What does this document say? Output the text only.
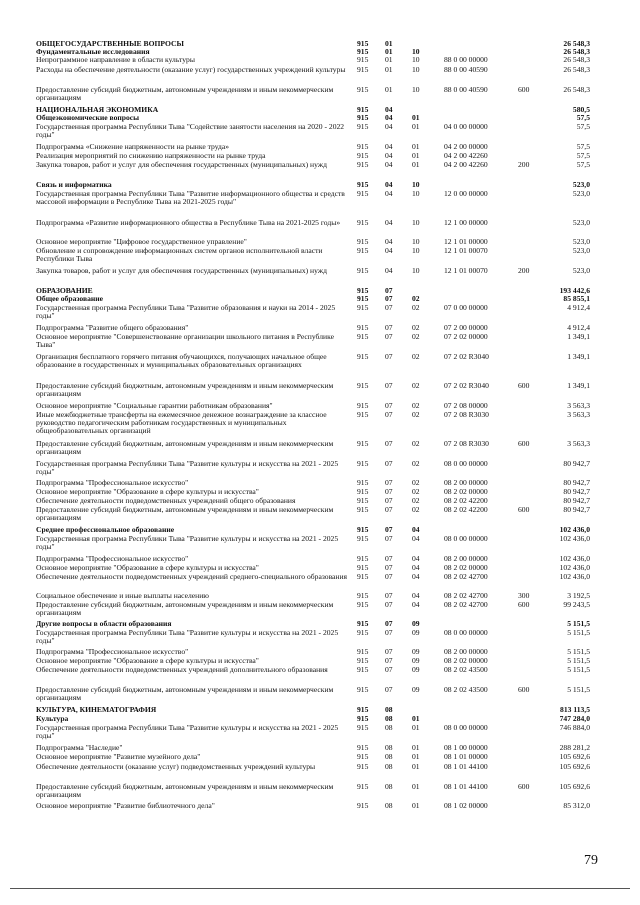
ОБЩЕГОСУДАРСТВЕННЫЕ ВОПРОСЫ	915 01	26 548,3
Фундаментальные исследования	915 01	10	26 548,3
Непрограммное направление в области культуры	915 01	10	88 0 00 00000	26 548,3
Расходы на обеспечение деятельности (оказание услуг) государственных учреждений культуры	915 01	10	88 0 00 40590	26 548,3
Предоставление субсидий бюджетным, автономным учреждениям и иным некоммерческим организациям
915 01	10	88 0 00 40590	600	26 548,3
НАЦИОНАЛЬНАЯ ЭКОНОМИКА	915 04	580,5
Общеэкономические вопросы	915 04	01	57,5
Государственная программа Республики Тыва "Содействие занятости населения на 2020 - 2022 годы"
915 04	01	04 0 00 00000	57,5
Подпрограмма «Снижение напряженности на рынке труда»	915 04	01	04 2 00 00000	57,5
Реализация мероприятий по снижению напряженности на рынке труда	915 04	01	04 2 00 42260	57,5
Закупка товаров, работ и услуг для обеспечения государственных (муниципальных) нужд	915 04	01	04 2 00 42260	200	57,5
Связь и информатика	915 04	10	523,0
Государственная программа Республики Тыва "Развитие информационного общества и средств массовой информации в Республике Тыва на 2021-2025 годы"
915 04	10	12 0 00 00000	523,0
Подпрограмма «Развитие информационного общества в Республике Тыва на 2021-2025 годы»	915 04	10	12 1 00 00000	523,0
Основное мероприятие "Цифровое государственное управление"	915 04	10	12 1 01 00000	523,0
Обновление и сопровождение информационных систем органов исполнительной власти Республики Тыва
915 04	10	12 1 01 00070	523,0
Закупка товаров, работ и услуг для обеспечения государственных (муниципальных) нужд	915 04	10	12 1 01 00070	200	523,0
ОБРАЗОВАНИЕ	915 07	193 442,6
Общее образование	915 07	02	85 855,1
Государственная программа Республики Тыва "Развитие образования и науки на 2014 - 2025 годы"
915 07	02	07 0 00 00000	4 912,4
Подпрограмма "Развитие общего образования"	915 07	02	07 2 00 00000	4 912,4
Основное мероприятие "Совершенствование организации школьного питания в Республике Тыва"
915 07	02	07 2 02 00000	1 349,1
Организация бесплатного горячего питания обучающихся, получающих начальное общее образование в государственных и муниципальных образовательных организациях
915 07	02	07 2 02 R3040	1 349,1
Предоставление субсидий бюджетным, автономным учреждениям и иным некоммерческим организациям
915 07	02	07 2 02 R3040	600	1 349,1
Основное мероприятие "Социальные гарантии работникам образования"	915 07	02	07 2 08 00000	3 563,3
Иные межбюджетные трансферты на ежемесячное денежное вознаграждение за классное руководство педагогическим работникам государственных и муниципальных общеобразовательных организаций
915 07	02	07 2 08 R3030	3 563,3
Предоставление субсидий бюджетным, автономным учреждениям и иным некоммерческим организациям
915 07	02	07 2 08 R3030	600	3 563,3
Государственная программа Республики Тыва "Развитие культуры и искусства на 2021 - 2025 годы"
915 07	02	08 0 00 00000	80 942,7
Подпрограмма "Профессиональное искусство"	915 07	02	08 2 00 00000	80 942,7
Основное мероприятие "Образование в сфере культуры и искусства"	915 07	02	08 2 02 00000	80 942,7
Обеспечение деятельности подведомственных учреждений общего образования	915 07	02	08 2 02 42200	80 942,7
Предоставление субсидий бюджетным, автономным учреждениям и иным некоммерческим организациям
915 07	02	08 2 02 42200	600	80 942,7
Среднее профессиональное образование	915 07	04	102 436,0
Государственная программа Республики Тыва "Развитие культуры и искусства на 2021 - 2025 годы"
915 07	04	08 0 00 00000	102 436,0
Подпрограмма "Профессиональное искусство"	915 07	04	08 2 00 00000	102 436,0
Основное мероприятие "Образование в сфере культуры и искусства"	915 07	04	08 2 02 00000	102 436,0
Обеспечение деятельности подведомственных учреждений среднего-специального образования	915 07	04	08 2 02 42700	102 436,0
Социальное обеспечение и иные выплаты населению	915 07	04	08 2 02 42700	300	3 192,5
Предоставление субсидий бюджетным, автономным учреждениям и иным некоммерческим организациям
915 07	04	08 2 02 42700	600	99 243,5
Другие вопросы в области образования	915 07	09	5 151,5
Государственная программа Республики Тыва "Развитие культуры и искусства на 2021 - 2025 годы"
915 07	09	08 0 00 00000	5 151,5
Подпрограмма "Профессиональное искусство"	915 07	09	08 2 00 00000	5 151,5
Основное мероприятие "Образование в сфере культуры и искусства"	915 07	09	08 2 02 00000	5 151,5
Обеспечение деятельности подведомственных учреждений дополнительного образования	915 07	09	08 2 02 43500	5 151,5
Предоставление субсидий бюджетным, автономным учреждениям и иным некоммерческим организациям
915 07	09	08 2 02 43500	600	5 151,5
КУЛЬТУРА, КИНЕМАТОГРАФИЯ	915 08	813 113,5
Культура	915 08	01	747 284,0
Государственная программа Республики Тыва "Развитие культуры и искусства на 2021 - 2025 годы"
915 08	01	08 0 00 00000	746 884,0
Подпрограмма "Наследие"	915 08	01	08 1 00 00000	288 281,2
Основное мероприятие "Развитие музейного дела"	915 08	01	08 1 01 00000	105 692,6
Обеспечение деятельности (оказание услуг) подведомственных учреждений культуры	915 08	01	08 1 01 44100	105 692,6
Предоставление субсидий бюджетным, автономным учреждениям и иным некоммерческим организациям
915 08	01	08 1 01 44100	600	105 692,6
Основное мероприятие "Развитие библиотечного дела"	915 08	01	08 1 02 00000	85 312,0
79
